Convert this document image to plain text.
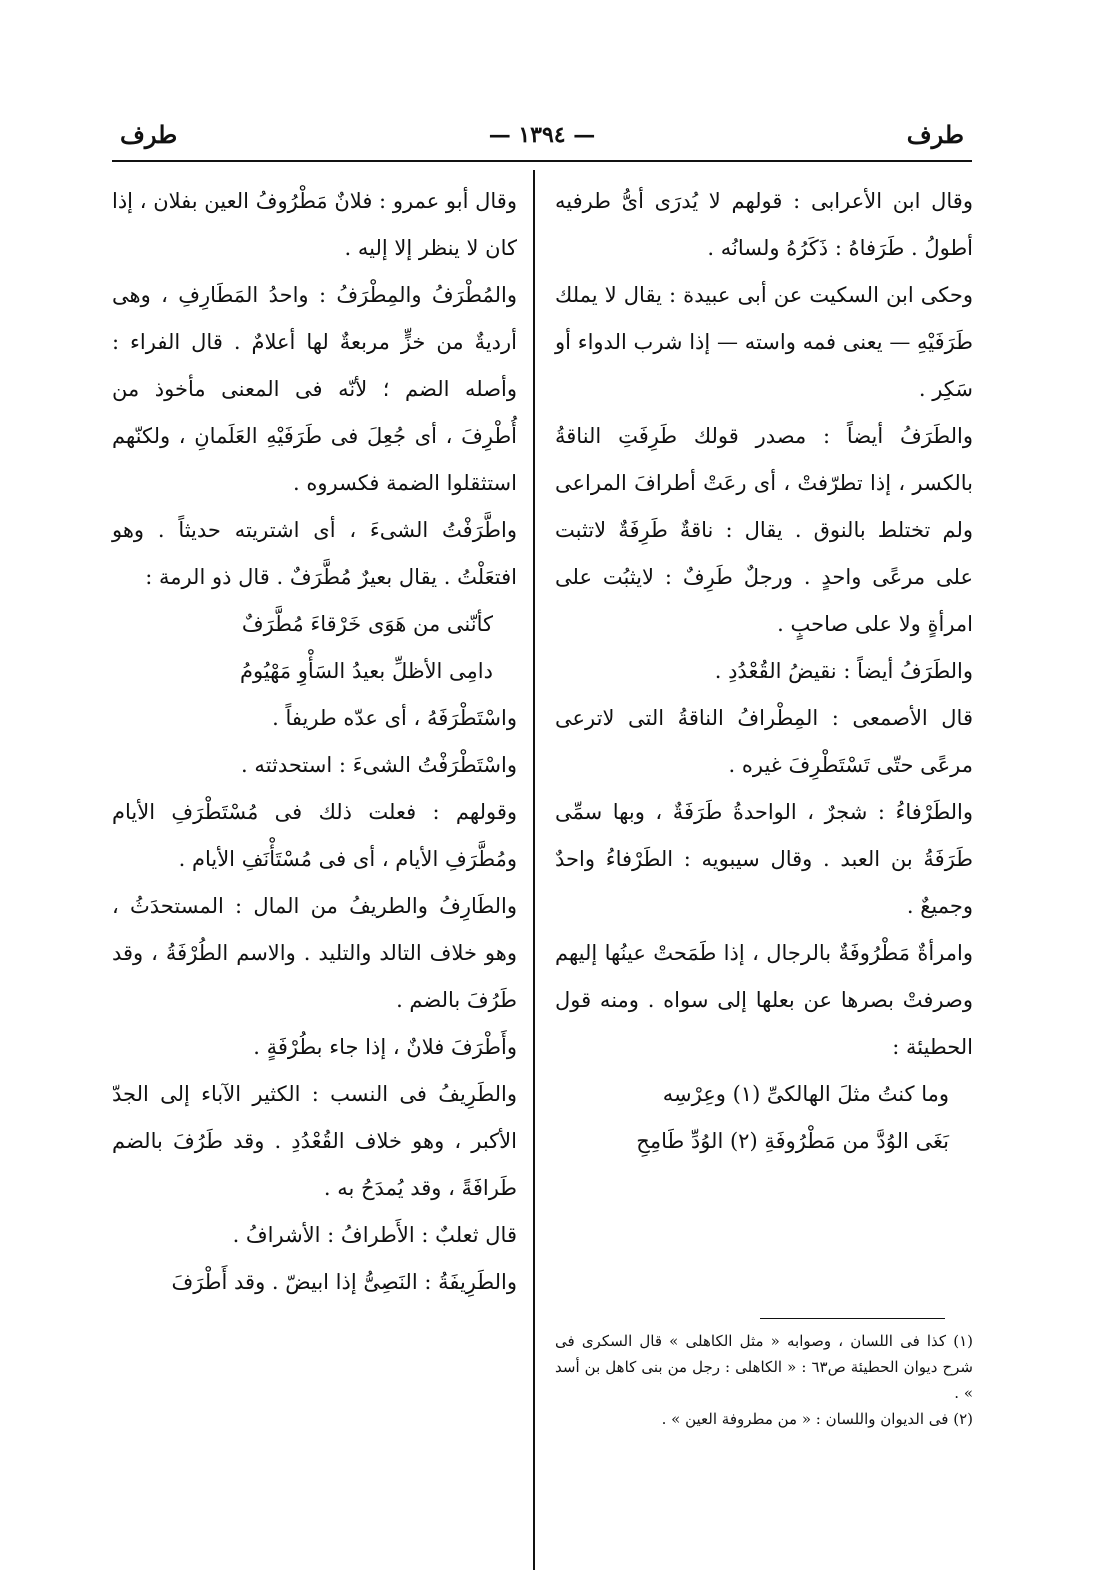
طرف
— ١٣٩٤ —
طرف

وقال ابن الأعرابى : قولهم لا يُدرَى أىُّ طرفيه أطولُ . طَرَفاهُ : ذَكَرُهُ ولسانُه .

وحكى ابن السكيت عن أبى عبيدة : يقال لا يملك طَرَفَيْهِ — يعنى فمه واسته — إذا شرب الدواء أو سَكِر .

والطَرَفُ أيضاً : مصدر قولك طَرِفَتِ الناقةُ بالكسر ، إذا تطرّفتْ ، أى رعَتْ أطرافَ المراعى ولم تختلط بالنوق . يقال : ناقةٌ طَرِفَةٌ لاتثبت على مرعًى واحدٍ . ورجلٌ طَرِفٌ : لايثبُت على امرأةٍ ولا على صاحبٍ .

والطَرَفُ أيضاً : نقيضُ القُعْدُدِ .

قال الأصمعى : المِطْرافُ الناقةُ التى لاترعى مرعًى حتّى تَسْتَطْرِفَ غيره .

والطَرْفاءُ : شجرٌ ، الواحدةُ طَرَفَةٌ ، وبها سمِّى طَرَفَةُ بن العبد . وقال سيبويه : الطَرْفاءُ واحدٌ وجميعٌ .

وامرأةٌ مَطْرُوفَةٌ بالرجال ، إذا طَمَحتْ عينُها إليهم وصرفتْ بصرها عن بعلها إلى سواه . ومنه قول الحطيئة :

وما كنتُ مثلَ الهالكىِّ (١) وعِرْسِه

بَغَى الوُدَّ من مَطْرُوفَةِ (٢) الوُدِّ طَامِحِ

وقال أبو عمرو : فلانٌ مَطْرُوفُ العين بفلان ، إذا كان لا ينظر إلا إليه .

والمُطْرَفُ والمِطْرَفُ : واحدُ المَطَارِفِ ، وهى أرديةٌ من خزٍّ مربعةٌ لها أعلامٌ . قال الفراء : وأصله الضم ؛ لأنّه فى المعنى مأخوذ من أُطْرِفَ ، أى جُعِلَ فى طَرَفَيْهِ العَلَمانِ ، ولكنّهم استثقلوا الضمة فكسروه .

واطَّرَفْتُ الشىءَ ، أى اشتريته حديثاً . وهو افتعَلْتُ . يقال بعيرٌ مُطَّرَفٌ . قال ذو الرمة :

كأنّنى من هَوَى خَرْقاءَ مُطَّرَفٌ

دامِى الأظلِّ بعيدُ السَأْوِ مَهْيُومُ

واسْتَطْرَفَهُ ، أى عدّه طريفاً .

واسْتَطْرَفْتُ الشىءَ : استحدثته .

وقولهم : فعلت ذلك فى مُسْتَطْرَفِ الأيام ومُطَّرَفِ الأيام ، أى فى مُسْتَأْنَفِ الأيام .

والطَارِفُ والطريفُ من المال : المستحدَثُ ، وهو خلاف التالد والتليد . والاسم الطُرْفَةُ ، وقد طَرُفَ بالضم .

وأَطْرَفَ فلانٌ ، إذا جاء بطُرْفَةٍ .

والطَرِيفُ فى النسب : الكثير الآباء إلى الجدّ الأكبر ، وهو خلاف القُعْدُدِ . وقد طَرُفَ بالضم طَرافَةً ، وقد يُمدَحُ به .

قال ثعلبٌ : الأَطرافُ : الأشرافُ .

والطَرِيفَةُ : النَصِىُّ إذا ابيضّ . وقد أَطْرَفَ

(١) كذا فى اللسان ، وصوابه « مثل الكاهلى » قال السكرى فى شرح ديوان الحطيئة ص٦٣ : « الكاهلى : رجل من بنى كاهل بن أسد » .

(٢) فى الديوان واللسان : « من مطروفة العين » .
